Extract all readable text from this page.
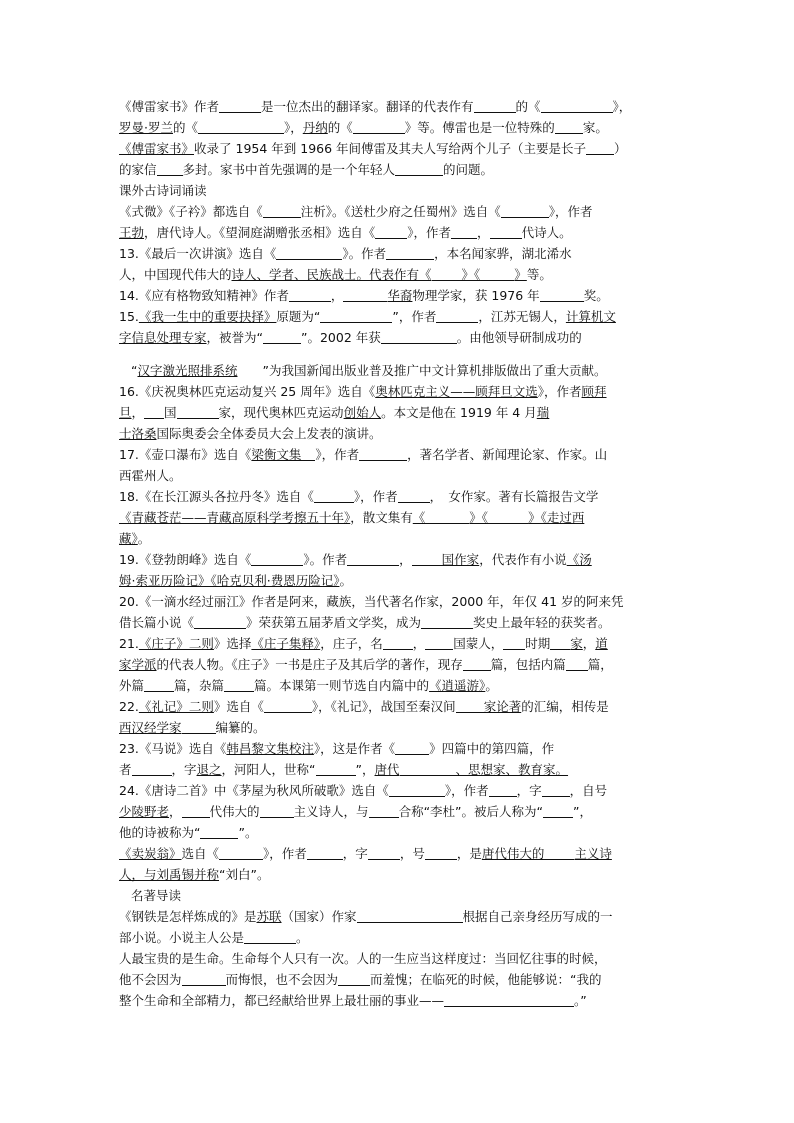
《傅雷家书》作者	是一位杰出的翻译家。翻译的代表作有	的《	》，
罗曼·罗兰的《	》，丹纳的《	》等。傅雷也是一位特殊的 家。
《傅雷家书》收录了 1954 年到 1966 年间傅雷及其夫人写给两个儿子（主要是长子 ）
的家信 多封。家书中首先强调的是一个年轻人	的问题。
课外古诗词诵读
《式微》《子衿》都选自《	注析》。《送杜少府之任蜀州》选自《	》，作者
王勃，唐代诗人。《望洞庭湖赠张丞相》选自《	》，作者 ，	代诗人。
13.《最后一次讲演》选自《	》。作者	，本名闻家骅，湖北浠水
人，中国现代伟大的诗人、学者、民族战士。代表作有《 》《	》等。
14.《应有格物致知精神》作者	，	华裔物理学家，获 1976 年	奖。
15.《我一生中的重要抉择》原题为“	”，作者	，江苏无锡人，计算机文
字信息处理专家，被誉为“	”。2002 年获	。由他领导研制成功的
“汉字激光照排系统　　”为我国新闻出版业普及推广中文计算机排版做出了重大贡献。
16.《庆祝奥林匹克运动复兴 25 周年》选自《奥林匹克主义——顾拜旦文选》，作者顾拜
旦， 国	家，现代奥林匹克运动创始人。本文是他在 1919 年 4 月瑞
士洛桑国际奥委会全体委员大会上发表的演讲。
17.《壶口瀑布》选自《梁衡文集 》，作者	，著名学者、新闻理论家、作家。山
西霍州人。
18.《在长江源头各拉丹冬》选自《	》，作者	，　女作家。著有长篇报告文学
《青藏苍茫——青藏高原科学考擦五十年》，散文集有《	》《	》《走过西
藏》。
19.《登勃朗峰》选自《	》。作者	， 国作家，代表作有小说《汤
姆·索亚历险记》《哈克贝利·费恩历险记》。
20.《一滴水经过丽江》作者是阿来，藏族，当代著名作家，2000 年，年仅 41 岁的阿来凭
借长篇小说《	》荣获第五届茅盾文学奖，成为	奖史上最年轻的获奖者。
21.《庄子》二则》选择《庄子集释》，庄子，名 ， 国蒙人， 时期 家，道
家学派的代表人物。《庄子》一书是庄子及其后学的著作，现存 篇，包括内篇 篇，
外篇 篇，杂篇 篇。本课第一则节选自内篇中的《逍遥游》。
22.《礼记》二则》选自《	》，《礼记》，战国至秦汉间 家论著的汇编，相传是
西汉经学家	编纂的。
23.《马说》选自《韩昌黎文集校注》，这是作者《	》四篇中的第四篇，作
者	，字退之，河阳人，世称“	”，唐代	、思想家、教育家。
24.《唐诗二首》中《茅屋为秋风所破歌》选自《	》，作者 ，字 ，自号
少陵野老， 代伟大的	主义诗人，与 合称“李杜”。被后人称为“ ”，
他的诗被称为“	”。
《卖炭翁》选自《	》，作者	，字	，号	，是唐代伟大的 主义诗
人，与刘禹锡并称“刘白”。
名著导读
《钢铁是怎样炼成的》是苏联（国家）作家	根据自己亲身经历写成的一
部小说。小说主人公是	。
人最宝贵的是生命。生命每个人只有一次。人的一生应当这样度过：当回忆往事的时候，
他不会因为	而悔恨，也不会因为	而羞愧；在临死的时候，他能够说：“我的
整个生命和全部精力，都已经献给世界上最壮丽的事业——	。”
